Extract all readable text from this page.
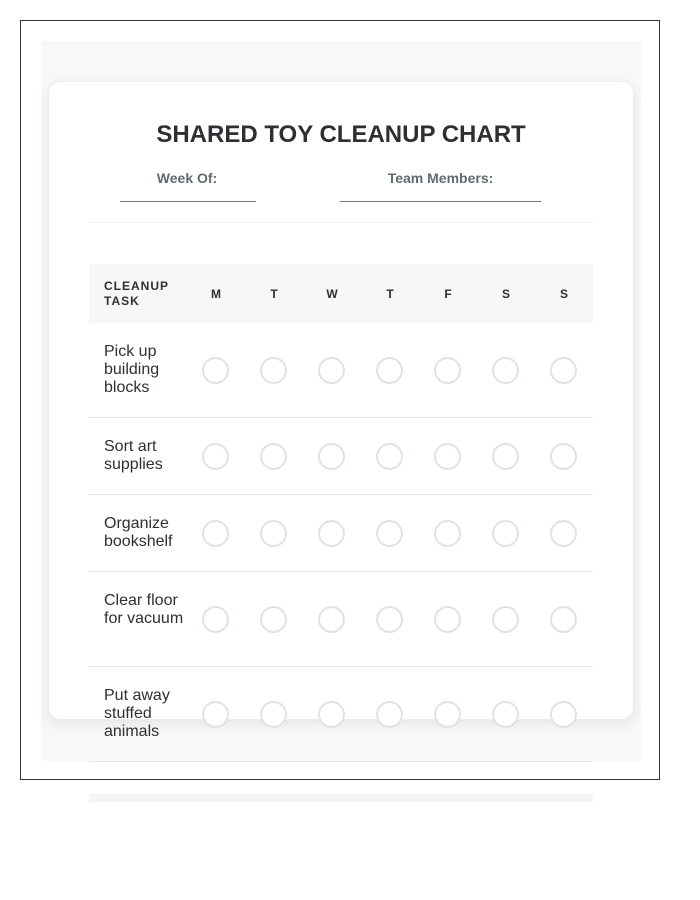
SHARED TOY CLEANUP CHART
Week Of:	Team Members:
CLEANUP
TASK	M	T	W	T	F	S	S
Pick up building blocks
Sort art supplies
Organize bookshelf
Clear floor for vacuum
Put away stuffed animals
